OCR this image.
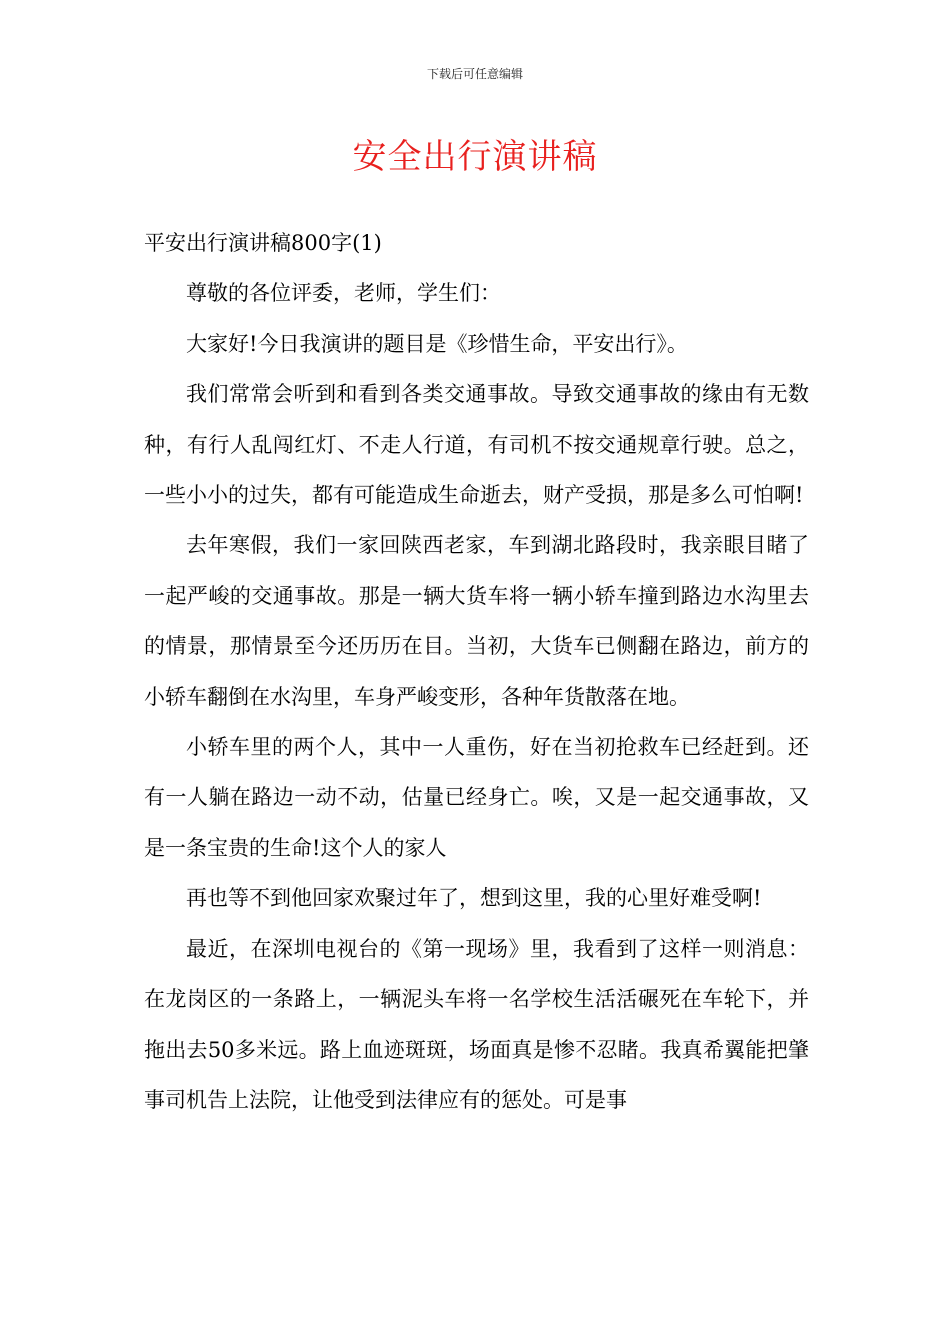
下载后可任意编辑
安全出行演讲稿

平安出行演讲稿800字(1)

尊敬的各位评委，老师，学生们：

大家好!今日我演讲的题目是《珍惜生命，平安出行》。

我们常常会听到和看到各类交通事故。导致交通事故的缘由有无数种，有行人乱闯红灯、不走人行道，有司机不按交通规章行驶。总之，一些小小的过失，都有可能造成生命逝去，财产受损，那是多么可怕啊!

去年寒假，我们一家回陕西老家，车到湖北路段时，我亲眼目睹了一起严峻的交通事故。那是一辆大货车将一辆小轿车撞到路边水沟里去的情景，那情景至今还历历在目。当初，大货车已侧翻在路边，前方的小轿车翻倒在水沟里，车身严峻变形，各种年货散落在地。

小轿车里的两个人，其中一人重伤，好在当初抢救车已经赶到。还有一人躺在路边一动不动，估量已经身亡。唉，又是一起交通事故，又是一条宝贵的生命!这个人的家人

再也等不到他回家欢聚过年了，想到这里，我的心里好难受啊!

最近，在深圳电视台的《第一现场》里，我看到了这样一则消息：在龙岗区的一条路上，一辆泥头车将一名学校生活活碾死在车轮下，并拖出去50多米远。路上血迹斑斑，场面真是惨不忍睹。我真希翼能把肇事司机告上法院，让他受到法律应有的惩处。可是事
